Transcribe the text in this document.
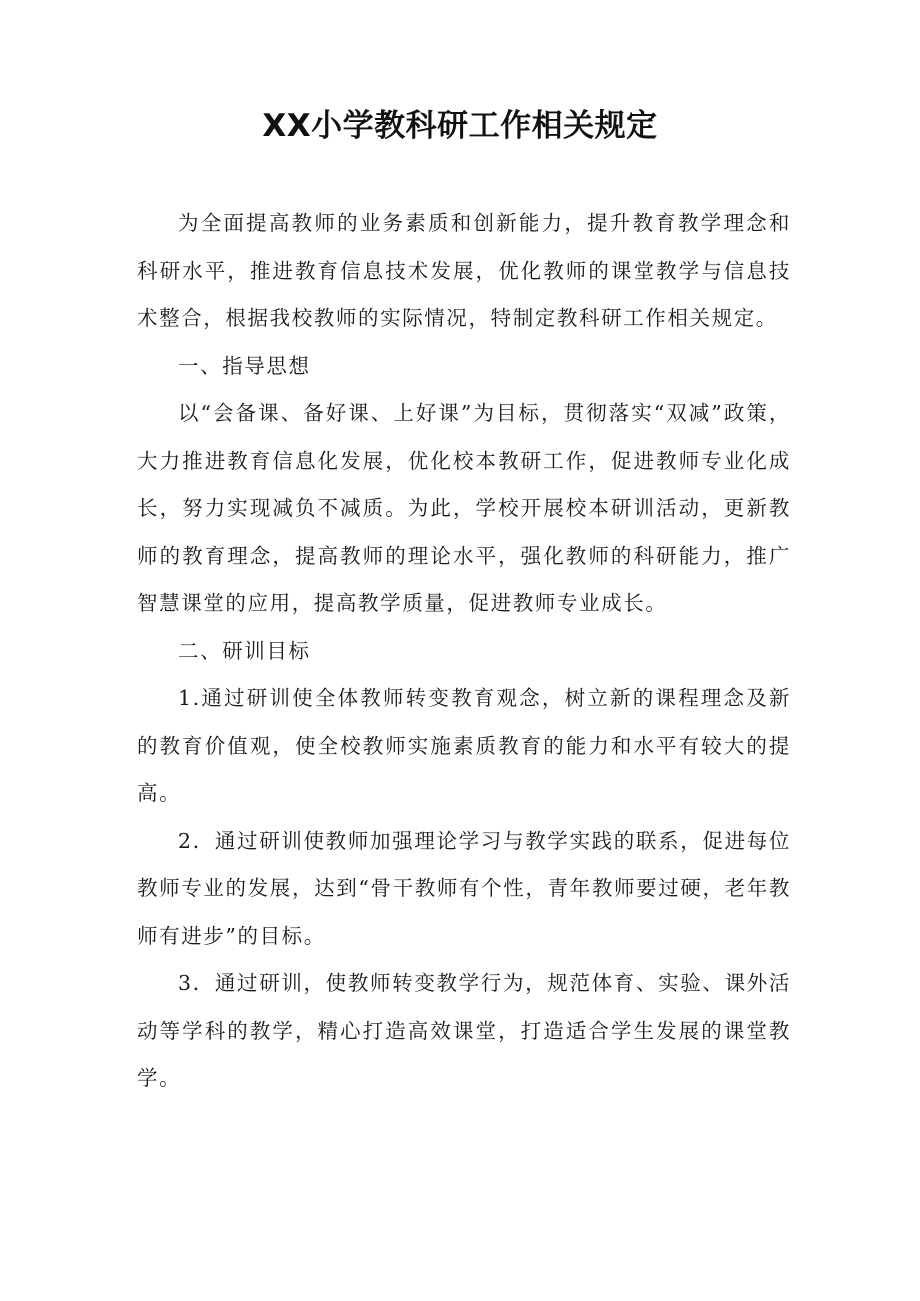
XX小学教科研工作相关规定

为全面提高教师的业务素质和创新能力，提升教育教学理念和科研水平，推进教育信息技术发展，优化教师的课堂教学与信息技术整合，根据我校教师的实际情况，特制定教科研工作相关规定。

一、指导思想

以“会备课、备好课、上好课”为目标，贯彻落实“双减”政策，大力推进教育信息化发展，优化校本教研工作，促进教师专业化成长，努力实现减负不减质。为此，学校开展校本研训活动，更新教师的教育理念，提高教师的理论水平，强化教师的科研能力，推广智慧课堂的应用，提高教学质量，促进教师专业成长。

二、研训目标

1.通过研训使全体教师转变教育观念，树立新的课程理念及新的教育价值观，使全校教师实施素质教育的能力和水平有较大的提高。

2．通过研训使教师加强理论学习与教学实践的联系，促进每位教师专业的发展，达到“骨干教师有个性，青年教师要过硬，老年教师有进步”的目标。

3．通过研训，使教师转变教学行为，规范体育、实验、课外活动等学科的教学，精心打造高效课堂，打造适合学生发展的课堂教学。
